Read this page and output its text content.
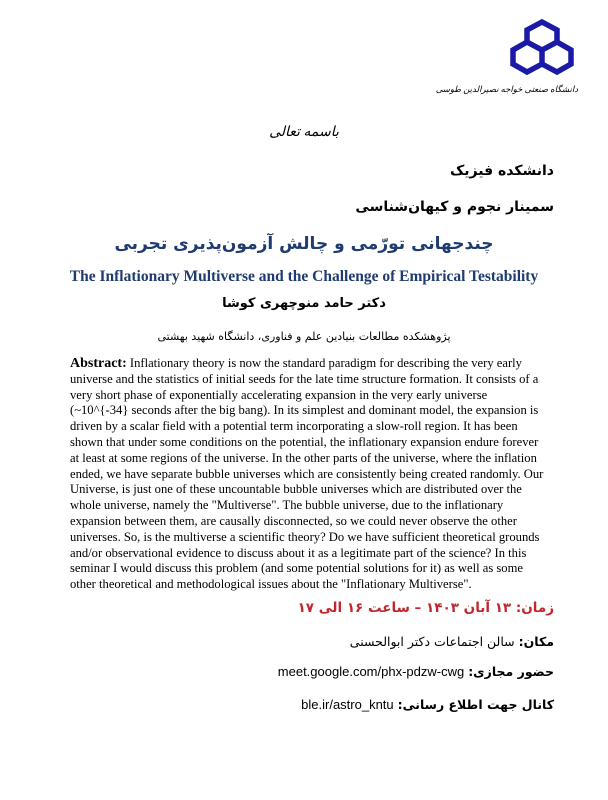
دانشگاه صنعتی خواجه نصیرالدین طوسی
باسمه تعالی
دانشکده فیزیک
سمینار نجوم و کیهان‌شناسی
چندجهانی تورّمی و چالش آزمون‌پذیری تجربی
The Inflationary Multiverse and the Challenge of Empirical Testability
دکتر حامد منوچهری کوشا
پژوهشکده مطالعات بنیادین علم و فناوری، دانشگاه شهید بهشتی
Abstract: Inflationary theory is now the standard paradigm for describing the very early universe and the statistics of initial seeds for the late time structure formation. It consists of a very short phase of exponentially accelerating expansion in the very early universe (~10^{-34} seconds after the big bang). In its simplest and dominant model, the expansion is driven by a scalar field with a potential term incorporating a slow-roll region. It has been shown that under some conditions on the potential, the inflationary expansion endure forever at least at some regions of the universe. In the other parts of the universe, where the inflation ended, we have separate bubble universes which are consistently being created randomly. Our Universe, is just one of these uncountable bubble universes which are distributed over the whole universe, namely the "Multiverse". The bubble universe, due to the inflationary expansion between them, are causally disconnected, so we could never observe the other universes. So, is the multiverse a scientific theory? Do we have sufficient theoretical grounds and/or observational evidence to discuss about it as a legitimate part of the science? In this seminar I would discuss this problem (and some potential solutions for it) as well as some other theoretical and methodological issues about the "Inflationary Multiverse".
زمان: ۱۳ آبان ۱۴۰۳ – ساعت ۱۶ الی ۱۷
مکان: سالن اجتماعات دکتر ابوالحسنی
حضور مجازی: meet.google.com/phx-pdzw-cwg
کانال جهت اطلاع رسانی: ble.ir/astro_kntu
